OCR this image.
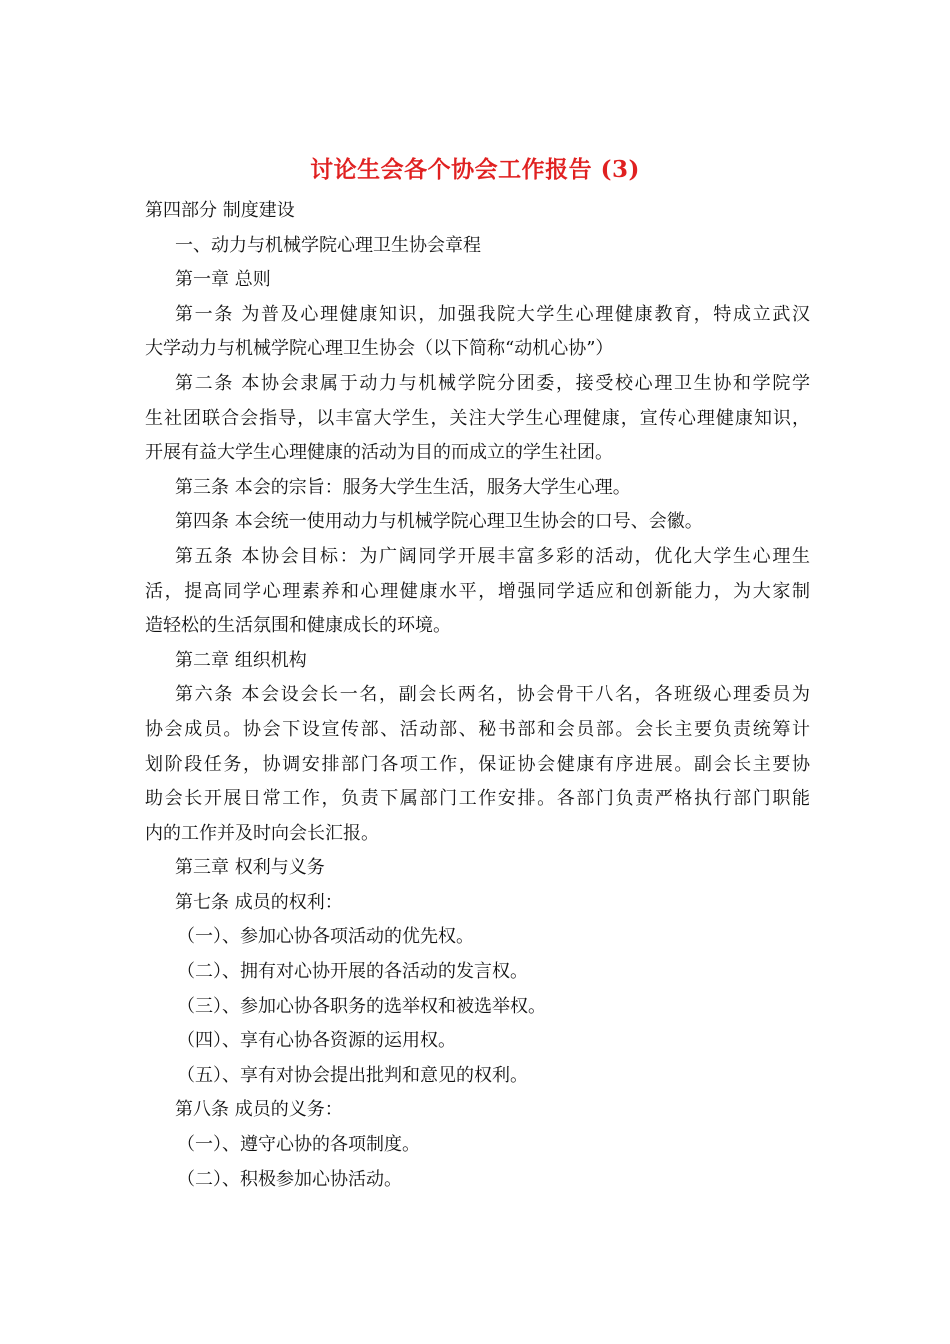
讨论生会各个协会工作报告 (3)
第四部分 制度建设
一、动力与机械学院心理卫生协会章程
第一章 总则
第一条 为普及心理健康知识，加强我院大学生心理健康教育，特成立武汉
大学动力与机械学院心理卫生协会（以下简称“动机心协”）
第二条 本协会隶属于动力与机械学院分团委，接受校心理卫生协和学院学
生社团联合会指导，以丰富大学生，关注大学生心理健康，宣传心理健康知识，
开展有益大学生心理健康的活动为目的而成立的学生社团。
第三条 本会的宗旨：服务大学生生活，服务大学生心理。
第四条 本会统一使用动力与机械学院心理卫生协会的口号、会徽。
第五条 本协会目标：为广阔同学开展丰富多彩的活动，优化大学生心理生
活，提高同学心理素养和心理健康水平，增强同学适应和创新能力，为大家制
造轻松的生活氛围和健康成长的环境。
第二章 组织机构
第六条 本会设会长一名，副会长两名，协会骨干八名，各班级心理委员为
协会成员。协会下设宣传部、活动部、秘书部和会员部。会长主要负责统筹计
划阶段任务，协调安排部门各项工作，保证协会健康有序进展。副会长主要协
助会长开展日常工作，负责下属部门工作安排。各部门负责严格执行部门职能
内的工作并及时向会长汇报。
第三章 权利与义务
第七条 成员的权利：
（一）、参加心协各项活动的优先权。
（二）、拥有对心协开展的各活动的发言权。
（三）、参加心协各职务的选举权和被选举权。
（四）、享有心协各资源的运用权。
（五）、享有对协会提出批判和意见的权利。
第八条 成员的义务：
（一）、遵守心协的各项制度。
（二）、积极参加心协活动。
